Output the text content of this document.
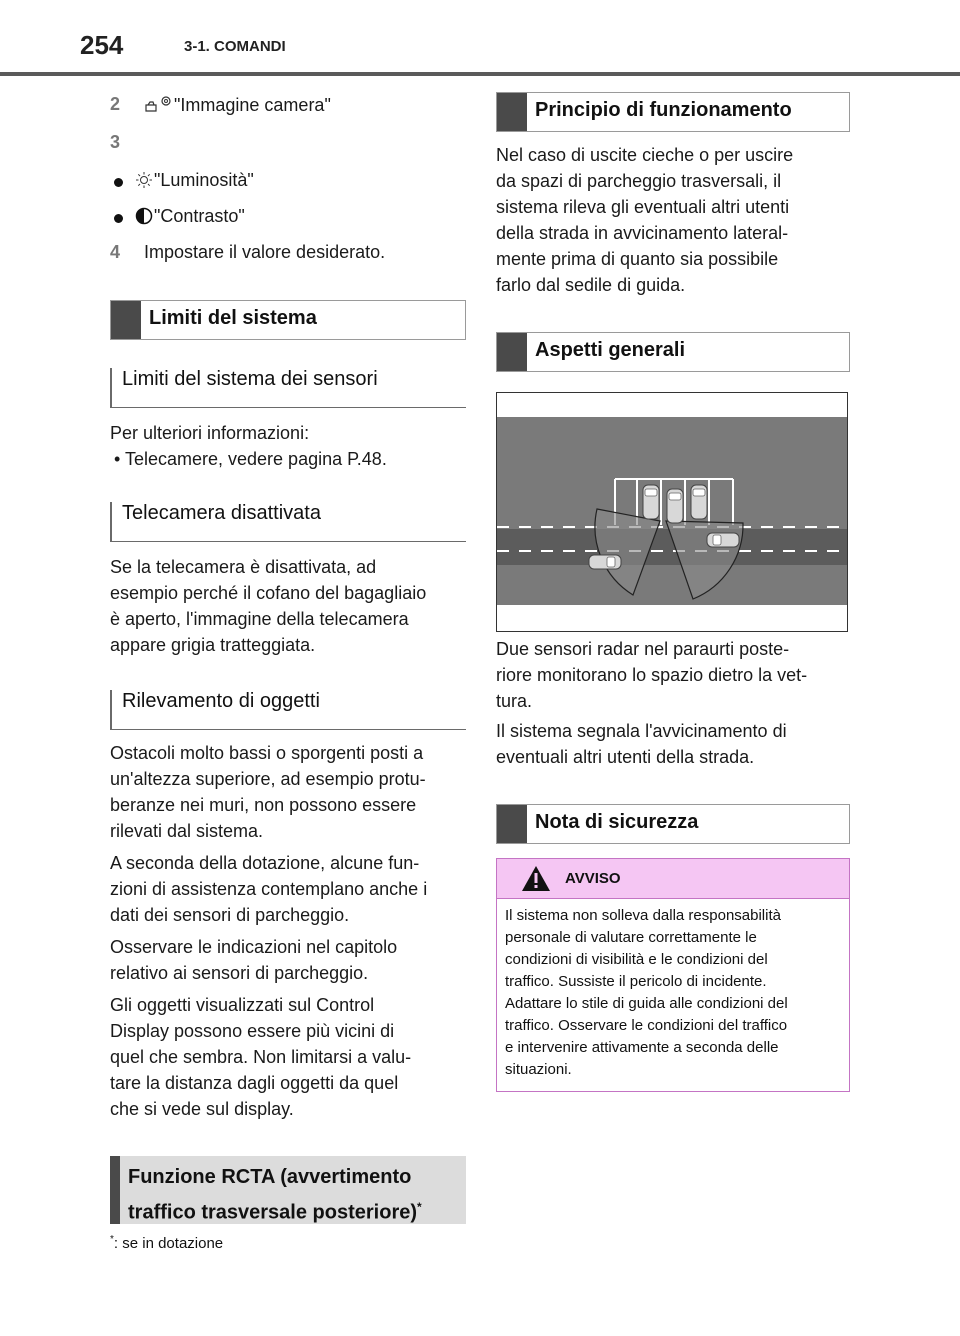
254	3-1. COMANDI
2	"Immagine camera"
3
"Luminosità"
"Contrasto"
4 Impostare il valore desiderato.
Limiti del sistema
Limiti del sistema dei sensori

Per ulteriori informazioni:

• Telecamere, vedere pagina P.48.

Telecamera disattivata

Se la telecamera è disattivata, ad

esempio perché il cofano del bagagliaio

è aperto, l'immagine della telecamera

appare grigia tratteggiata.

Rilevamento di oggetti

Ostacoli molto bassi o sporgenti posti a

un'altezza superiore, ad esempio protu-

beranze nei muri, non possono essere

rilevati dal sistema.

A seconda della dotazione, alcune fun-

zioni di assistenza contemplano anche i

dati dei sensori di parcheggio.

Osservare le indicazioni nel capitolo

relativo ai sensori di parcheggio.

Gli oggetti visualizzati sul Control

Display possono essere più vicini di

quel che sembra. Non limitarsi a valu-

tare la distanza dagli oggetti da quel

che si vede sul display.

Funzione RCTA (avvertimento
traffico trasversale posteriore)*
*: se in dotazione
Principio di funzionamento

Nel caso di uscite cieche o per uscire

da spazi di parcheggio trasversali, il

sistema rileva gli eventuali altri utenti

della strada in avvicinamento lateral-

mente prima di quanto sia possibile

farlo dal sedile di guida.

Aspetti generali

Due sensori radar nel paraurti poste-

riore monitorano lo spazio dietro la vet-

tura.

Il sistema segnala l'avvicinamento di

eventuali altri utenti della strada.

Nota di sicurezza
AVVISO
Il sistema non solleva dalla responsabilità
personale di valutare correttamente le
condizioni di visibilità e le condizioni del
traffico. Sussiste il pericolo di incidente.
Adattare lo stile di guida alle condizioni del
traffico. Osservare le condizioni del traffico
e intervenire attivamente a seconda delle
situazioni.
